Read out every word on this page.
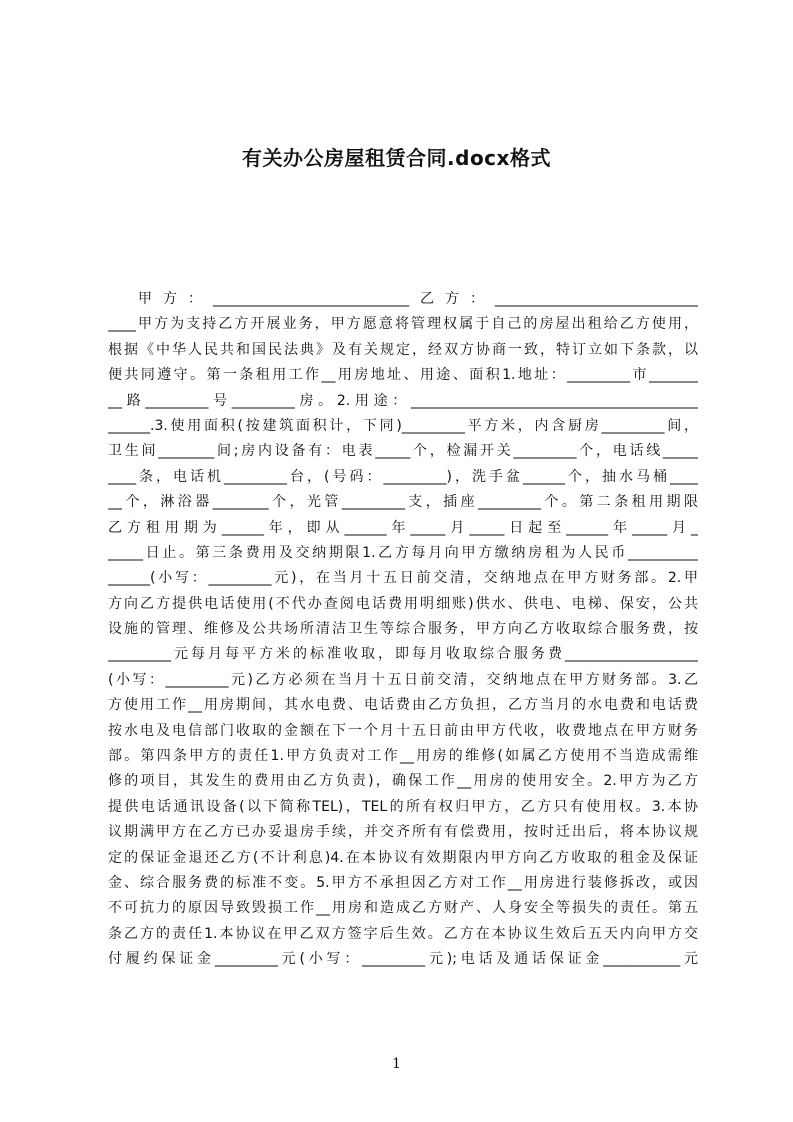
有关办公房屋租赁合同.docx格式
甲方：____________________________乙方：_____________________________
____甲方为支持乙方开展业务，甲方愿意将管理权属于自己的房屋出租给乙方使用，
根据《中华人民共和国民法典》及有关规定，经双方协商一致，特订立如下条款，以
便共同遵守。第一条租用工作__用房地址、用途、面积1.地址：_________市_______
__路_________号_________房。2.用途：_________________________________________
______.3.使用面积(按建筑面积计，下同)_________平方米，内含厨房_________间，
卫生间________间;房内设备有：电表_____个，检漏开关_________个，电话线_____
____条，电话机_________台，(号码：_________)，洗手盆______个，抽水马桶____
__个，淋浴器________个，光管_________支，插座_________个。第二条租用期限
乙方租用期为______年，即从______年_____月_____日起至______年_____月_
_____日止。第三条费用及交纳期限1.乙方每月向甲方缴纳房租为人民币__________
______(小写：_________元)，在当月十五日前交清，交纳地点在甲方财务部。2.甲
方向乙方提供电话使用(不代办查阅电话费用明细账)供水、供电、电梯、保安，公共
设施的管理、维修及公共场所清洁卫生等综合服务，甲方向乙方收取综合服务费，按
_________元每月每平方米的标准收取，即每月收取综合服务费___________________
(小写：_________元)乙方必须在当月十五日前交清，交纳地点在甲方财务部。3.乙
方使用工作__用房期间，其水电费、电话费由乙方负担，乙方当月的水电费和电话费
按水电及电信部门收取的金额在下一个月十五日前由甲方代收，收费地点在甲方财务
部。第四条甲方的责任1.甲方负责对工作__用房的维修(如属乙方使用不当造成需维
修的项目，其发生的费用由乙方负责)，确保工作__用房的使用安全。2.甲方为乙方
提供电话通讯设备(以下简称TEL)，TEL的所有权归甲方，乙方只有使用权。3.本协
议期满甲方在乙方已办妥退房手续，并交齐所有有偿费用，按时迁出后，将本协议规
定的保证金退还乙方(不计利息)4.在本协议有效期限内甲方向乙方收取的租金及保证
金、综合服务费的标准不变。5.甲方不承担因乙方对工作__用房进行装修拆改，或因
不可抗力的原因导致毁损工作__用房和造成乙方财产、人身安全等损失的责任。第五
条乙方的责任1.本协议在甲乙双方签字后生效。乙方在本协议生效后五天内向甲方交
付履约保证金_________元(小写：_________元);电话及通话保证金___________元
1
